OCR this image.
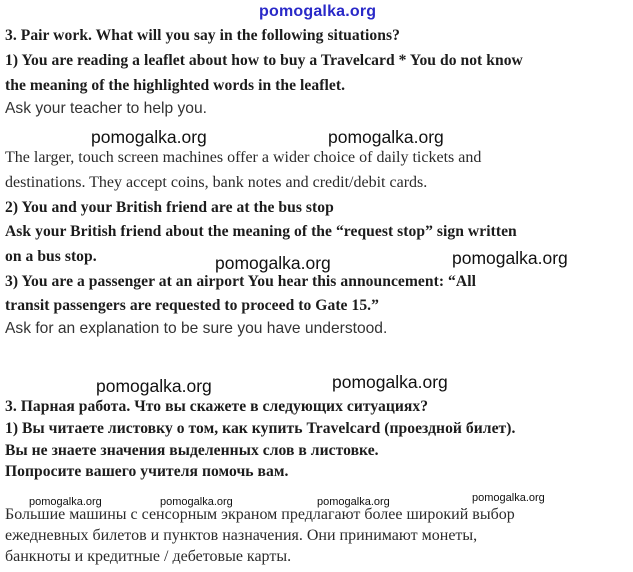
pomogalka.org
3. Pair work. What will you say in the following situations?
1) You are reading a leaflet about how to buy a Travelcard * You do not know
the meaning of the highlighted words in the leaflet.
Ask your teacher to help you.
pomogalka.org	pomogalka.org
The larger, touch screen machines offer a wider choice of daily tickets and
destinations. They accept coins, bank notes and credit/debit cards.
2) You and your British friend are at the bus stop
Ask your British friend about the meaning of the “request stop” sign written
on a bus stop.	pomogalka.org	pomogalka.org
3) You are a passenger at an airport You hear this announcement: “All
transit passengers are requested to proceed to Gate 15.”
Ask for an explanation to be sure you have understood.
pomogalka.org	pomogalka.org
3. Парная работа. Что вы скажете в следующих ситуациях?
1) Вы читаете листовку о том, как купить Travelcard (проездной билет).
Вы не знаете значения выделенных слов в листовке.
Попросите вашего учителя помочь вам.
pomogalka.org	pomogalka.org	pomogalka.org	pomogalka.org
Большие машины с сенсорным экраном предлагают более широкий выбор
ежедневных билетов и пунктов назначения. Они принимают монеты,
банкноты и кредитные / дебетовые карты.
